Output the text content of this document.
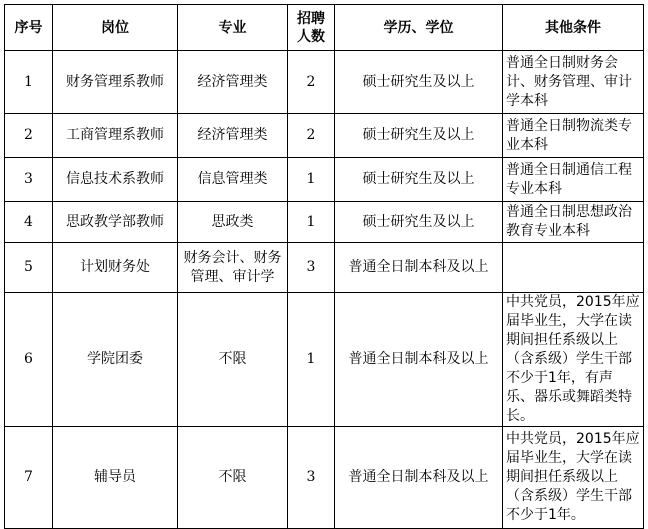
序号	岗位	专业	招聘人数	学历、学位	其他条件
1	财务管理系教师	经济管理类	2	硕士研究生及以上	普通全日制财务会计、财务管理、审计学本科
2	工商管理系教师	经济管理类	2	硕士研究生及以上	普通全日制物流类专业本科
3	信息技术系教师	信息管理类	1	硕士研究生及以上	普通全日制通信工程专业本科
4	思政教学部教师	思政类	1	硕士研究生及以上	普通全日制思想政治教育专业本科
5	计划财务处	财务会计、财务管理、审计学	3	普通全日制本科及以上	
6	学院团委	不限	1	普通全日制本科及以上	中共党员，2015年应届毕业生，大学在读期间担任系级以上（含系级）学生干部不少于1年，有声乐、器乐或舞蹈类特长。
7	辅导员	不限	3	普通全日制本科及以上	中共党员，2015年应届毕业生，大学在读期间担任系级以上（含系级）学生干部不少于1年。
